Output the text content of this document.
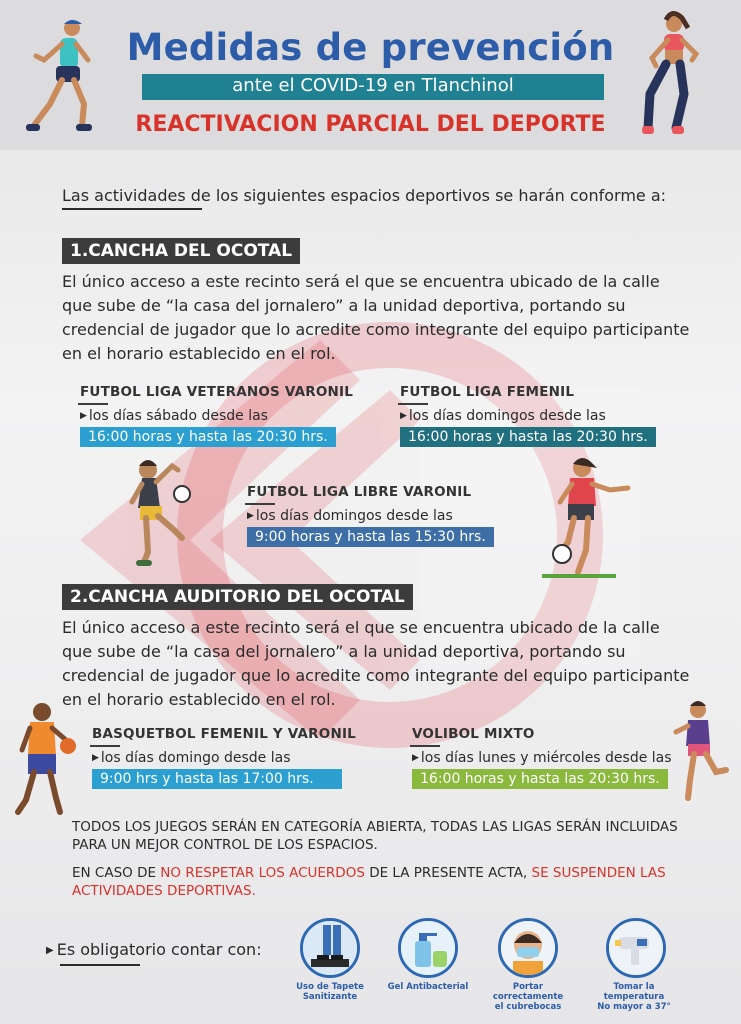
Medidas de prevención
ante el COVID-19 en Tlanchinol
REACTIVACION PARCIAL DEL DEPORTE
Las actividades de los siguientes espacios deportivos se harán conforme a:
1.CANCHA DEL OCOTAL
El único acceso a este recinto será el que se encuentra ubicado de la calle
que sube de “la casa del jornalero” a la unidad deportiva, portando su
credencial de jugador que lo acredite como integrante del equipo participante
en el horario establecido en el rol.
FUTBOL LIGA VETERANOS VARONIL
▶ los días sábado desde las
16:00 horas y hasta las 20:30 hrs.
FUTBOL LIGA FEMENIL
▶ los días domingos desde las
16:00 horas y hasta las 20:30 hrs.
FUTBOL LIGA LIBRE VARONIL
▶ los días domingos desde las
9:00 horas y hasta las 15:30 hrs.
2.CANCHA AUDITORIO DEL OCOTAL
El único acceso a este recinto será el que se encuentra ubicado de la calle
que sube de “la casa del jornalero” a la unidad deportiva, portando su
credencial de jugador que lo acredite como integrante del equipo participante
en el horario establecido en el rol.
BASQUETBOL FEMENIL Y VARONIL
▶ los días domingo desde las
9:00 hrs y hasta las 17:00 hrs.
VOLIBOL MIXTO
▶ los días lunes y miércoles desde las
16:00 horas y hasta las 20:30 hrs.
TODOS LOS JUEGOS SERÁN EN CATEGORÍA ABIERTA, TODAS LAS LIGAS SERÁN INCLUIDAS
PARA UN MEJOR CONTROL DE LOS ESPACIOS.
EN CASO DE NO RESPETAR LOS ACUERDOS DE LA PRESENTE ACTA, SE SUSPENDEN LAS
ACTIVIDADES DEPORTIVAS.
▶ Es obligatorio contar con:
Uso de Tapete
Sanitizante
Gel Antibacterial	Portar correctamente
el cubrebocas
Tomar la temperatura
No mayor a 37°
